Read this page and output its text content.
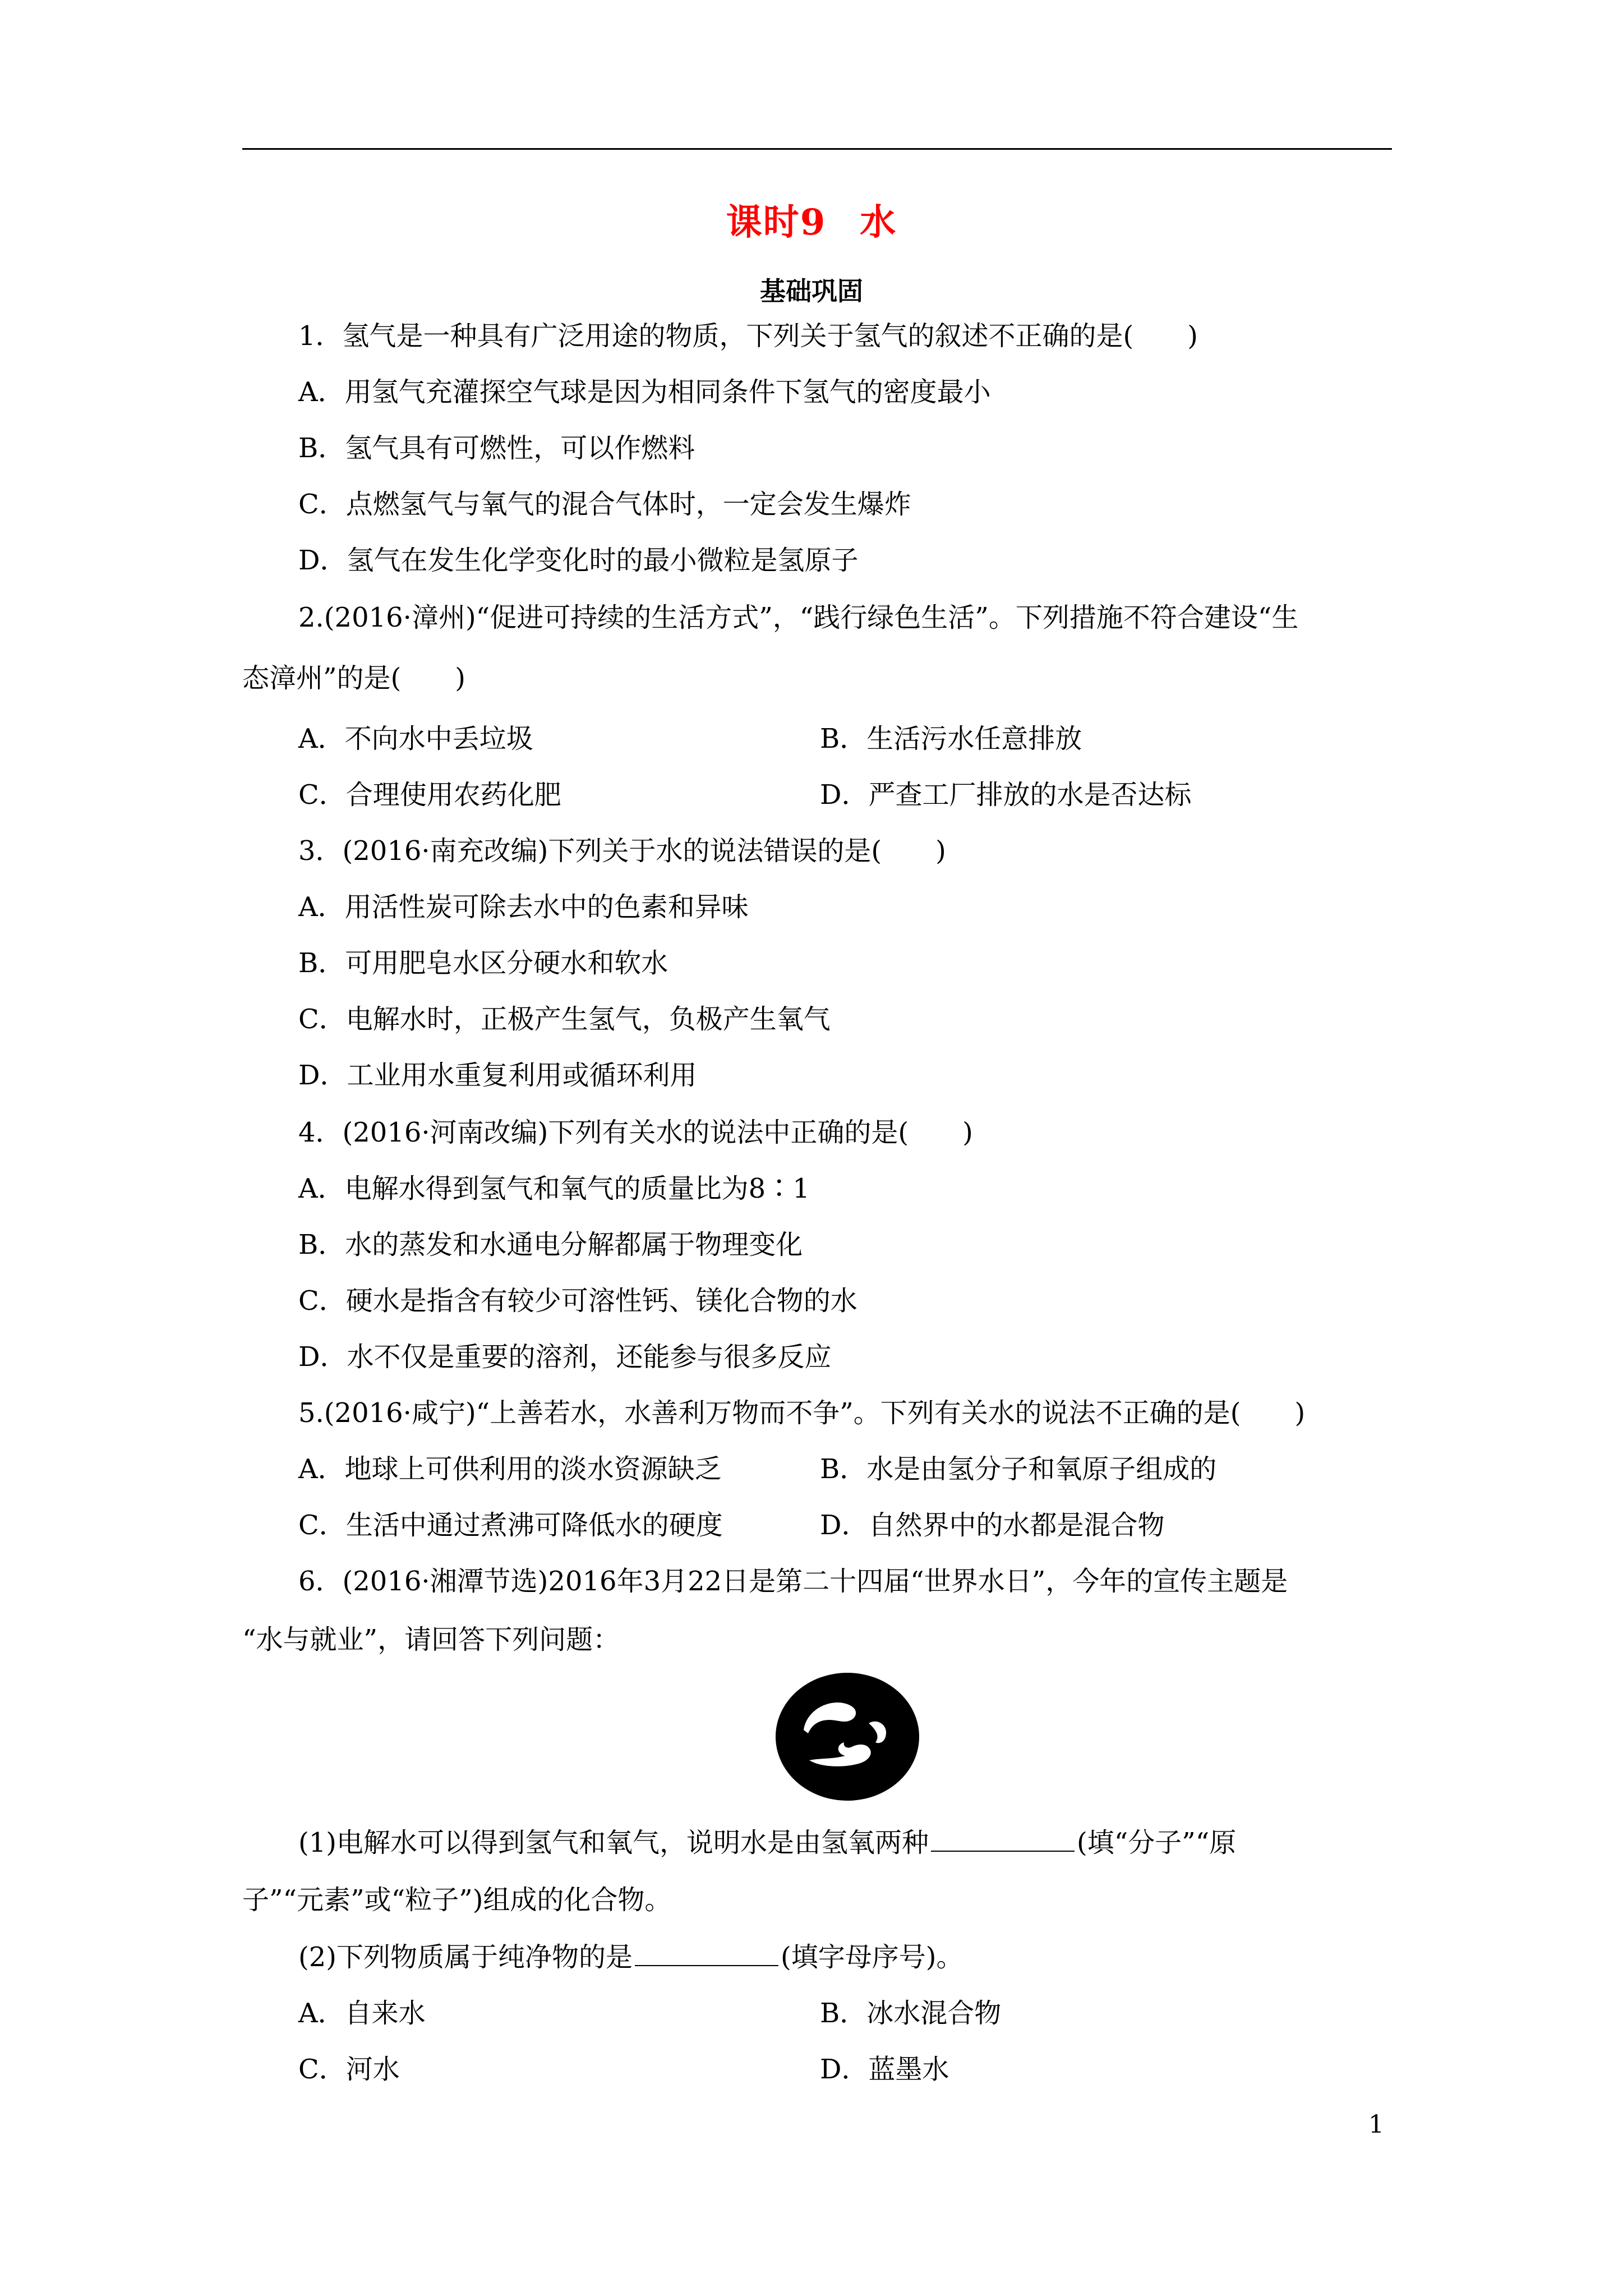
课时9 水
基础巩固
1．氢气是一种具有广泛用途的物质，下列关于氢气的叙述不正确的是(　　)
A．用氢气充灌探空气球是因为相同条件下氢气的密度最小
B．氢气具有可燃性，可以作燃料
C．点燃氢气与氧气的混合气体时，一定会发生爆炸
D．氢气在发生化学变化时的最小微粒是氢原子
2.(2016·漳州)“促进可持续的生活方式”，“践行绿色生活”。下列措施不符合建设“生
态漳州”的是(　　)
A．不向水中丢垃圾	B．生活污水任意排放
C．合理使用农药化肥	D．严查工厂排放的水是否达标
3．(2016·南充改编)下列关于水的说法错误的是(　　)
A．用活性炭可除去水中的色素和异味
B．可用肥皂水区分硬水和软水
C．电解水时，正极产生氢气，负极产生氧气
D．工业用水重复利用或循环利用
4．(2016·河南改编)下列有关水的说法中正确的是(　　)
A．电解水得到氢气和氧气的质量比为8∶1
B．水的蒸发和水通电分解都属于物理变化
C．硬水是指含有较少可溶性钙、镁化合物的水
D．水不仅是重要的溶剂，还能参与很多反应
5.(2016·咸宁)“上善若水，水善利万物而不争”。下列有关水的说法不正确的是(　　)
A．地球上可供利用的淡水资源缺乏	B．水是由氢分子和氧原子组成的
C．生活中通过煮沸可降低水的硬度	D．自然界中的水都是混合物
6．(2016·湘潭节选)2016年3月22日是第二十四届“世界水日”，今年的宣传主题是
“水与就业”，请回答下列问题：
(1)电解水可以得到氢气和氧气，说明水是由氢氧两种	(填“分子”“原
子”“元素”或“粒子”)组成的化合物。
(2)下列物质属于纯净物的是	(填字母序号)。
A．自来水	B．冰水混合物
C．河水	D．蓝墨水
1
